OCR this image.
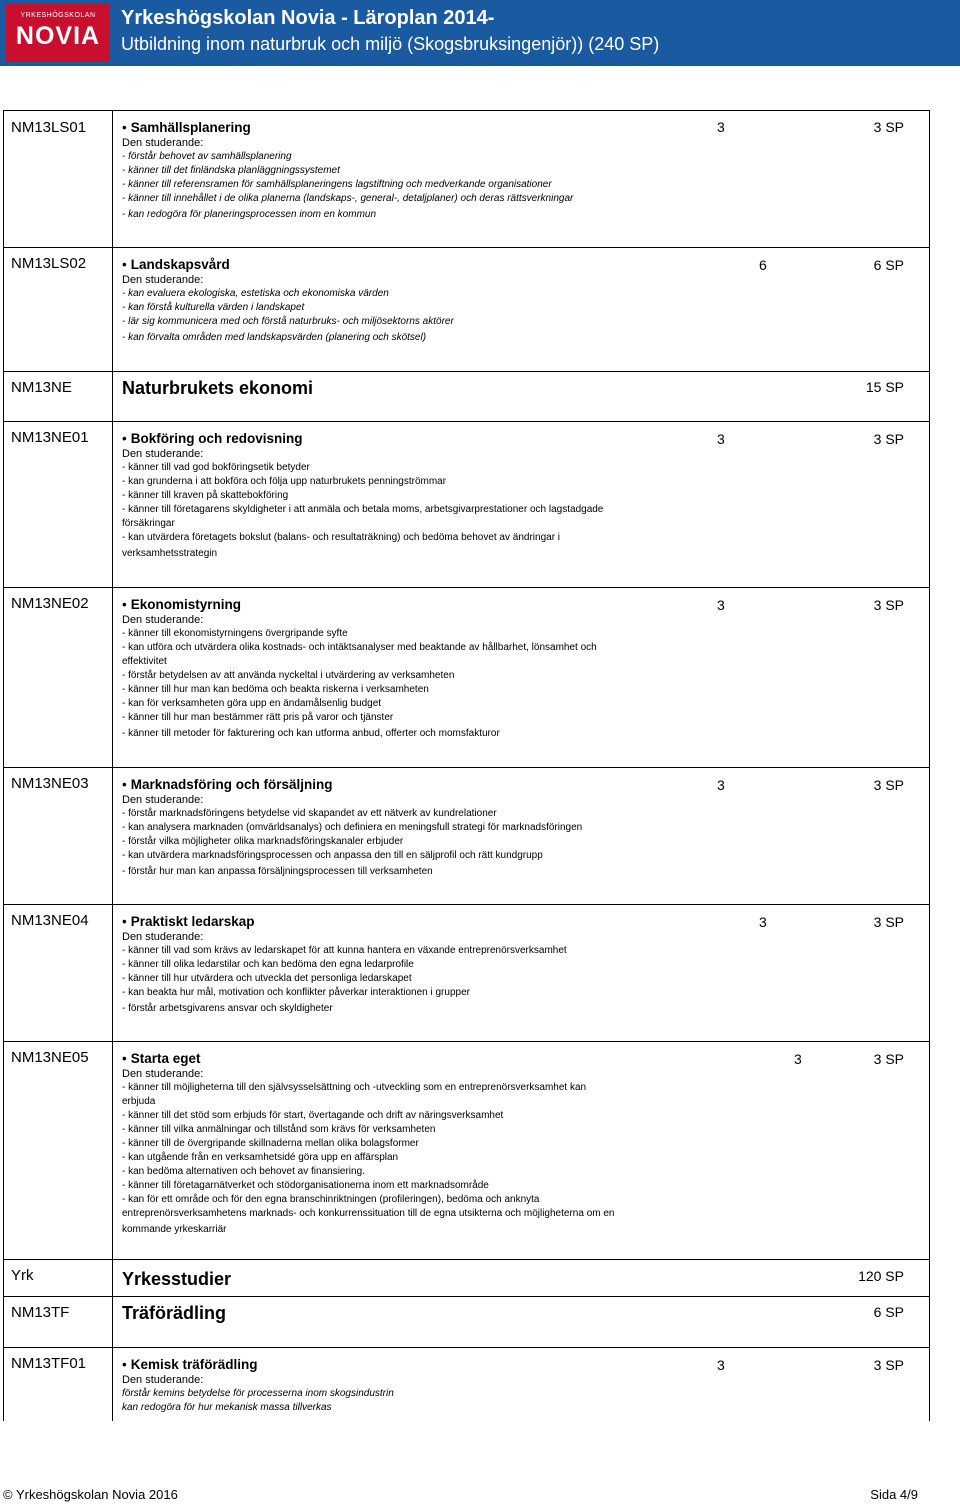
YRKESHÖGSKOLAN
NOVIA
Yrkeshögskolan Novia - Läroplan 2014-
Utbildning inom naturbruk och miljö (Skogsbruksingenjör)) (240 SP)
NM13LS01	• Samhällsplanering
Den studerande:
- förstår behovet av samhällsplanering
- känner till det finländska planläggningssystemet
- känner till referensramen för samhällsplaneringens lagstiftning och medverkande organisationer
- känner till innehållet i de olika planerna (landskaps-, general-, detaljplaner) och deras rättsverkningar
- kan redogöra för planeringsprocessen inom en kommun
3	3 SP
NM13LS02	• Landskapsvård
Den studerande:
- kan evaluera ekologiska, estetiska och ekonomiska värden
- kan förstå kulturella värden i landskapet
- lär sig kommunicera med och förstå naturbruks- och miljösektorns aktörer
- kan förvalta områden med landskapsvärden (planering och skötsel)
6	6 SP
NM13NE	Naturbrukets ekonomi	15 SP
NM13NE01 • Bokföring och redovisning
Den studerande:
- känner till vad god bokföringsetik betyder
- kan grunderna i att bokföra och följa upp naturbrukets penningströmmar
- känner till kraven på skattebokföring
- känner till företagarens skyldigheter i att anmäla och betala moms, arbetsgivarprestationer och lagstadgade
försäkringar
- kan utvärdera företagets bokslut (balans- och resultaträkning) och bedöma behovet av ändringar i
verksamhetsstrategin
3	3 SP
NM13NE02 • Ekonomistyrning
Den studerande:
- känner till ekonomistyrningens övergripande syfte
- kan utföra och utvärdera olika kostnads- och intäktsanalyser med beaktande av hållbarhet, lönsamhet och
effektivitet
- förstår betydelsen av att använda nyckeltal i utvärdering av verksamheten
- känner till hur man kan bedöma och beakta riskerna i verksamheten
- kan för verksamheten göra upp en ändamålsenlig budget
- känner till hur man bestämmer rätt pris på varor och tjänster
- känner till metoder för fakturering och kan utforma anbud, offerter och momsfakturor
3	3 SP
NM13NE03 • Marknadsföring och försäljning
Den studerande:
- förstår marknadsföringens betydelse vid skapandet av ett nätverk av kundrelationer
- kan analysera marknaden (omvärldsanalys) och definiera en meningsfull strategi för marknadsföringen
- förstår vilka möjligheter olika marknadsföringskanaler erbjuder
- kan utvärdera marknadsföringsprocessen och anpassa den till en säljprofil och rätt kundgrupp
- förstår hur man kan anpassa försäljningsprocessen till verksamheten
3	3 SP
NM13NE04 • Praktiskt ledarskap
Den studerande:
- känner till vad som krävs av ledarskapet för att kunna hantera en växande entreprenörsverksamhet
- känner till olika ledarstilar och kan bedöma den egna ledarprofile
- känner till hur utvärdera och utveckla det personliga ledarskapet
- kan beakta hur mål, motivation och konflikter påverkar interaktionen i grupper
- förstår arbetsgivarens ansvar och skyldigheter
3	3 SP
NM13NE05 • Starta eget
Den studerande:
- känner till möjligheterna till den självsysselsättning och -utveckling som en entreprenörsverksamhet kan
erbjuda
- känner till det stöd som erbjuds för start, övertagande och drift av näringsverksamhet
- känner till vilka anmälningar och tillstånd som krävs för verksamheten
- känner till de övergripande skillnaderna mellan olika bolagsformer
- kan utgående från en verksamhetsidé göra upp en affärsplan
- kan bedöma alternativen och behovet av finansiering.
- känner till företagarnätverket och stödorganisationerna inom ett marknadsområde
- kan för ett område och för den egna branschinriktningen (profileringen), bedöma och anknyta
entreprenörsverksamhetens marknads- och konkurrenssituation till de egna utsikterna och möjligheterna om en
kommande yrkeskarriär
3	3 SP
Yrk	Yrkesstudier	120 SP
NM13TF	Träförädling	6 SP
NM13TF01	• Kemisk träförädling
Den studerande:
förstår kemins betydelse för processerna inom skogsindustrin
kan redogöra för hur mekanisk massa tillverkas
3	3 SP
© Yrkeshögskolan Novia 2016	Sida 4/9
